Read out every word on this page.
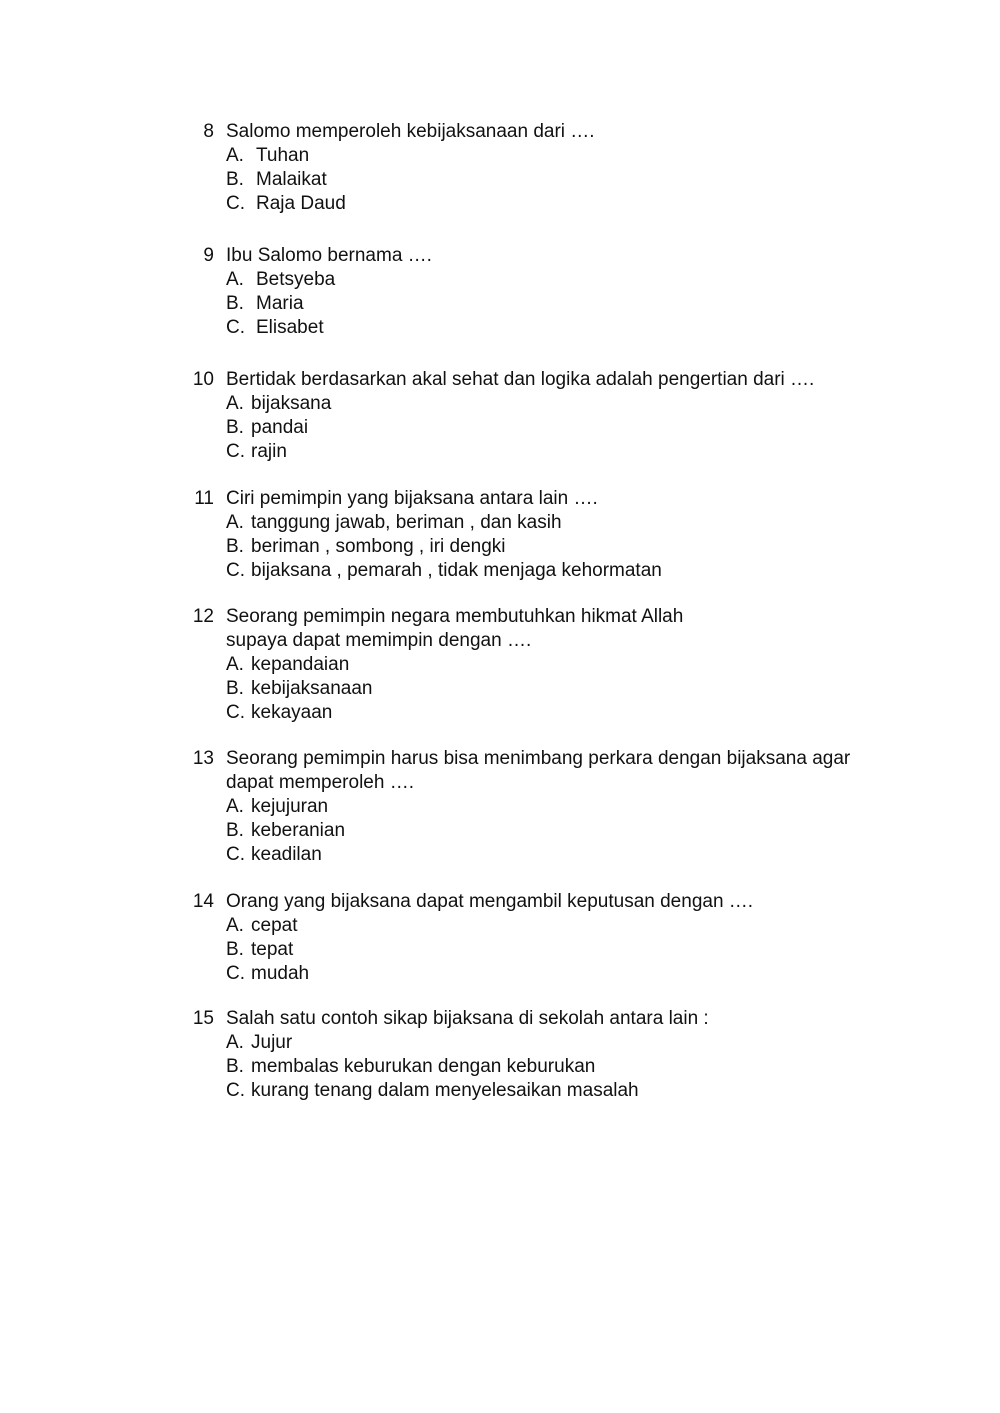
8 Salomo memperoleh kebijaksanaan dari ….
A. Tuhan
B. Malaikat
C. Raja Daud
9 Ibu Salomo bernama ….
A. Betsyeba
B. Maria
C. Elisabet
10 Bertidak berdasarkan akal sehat dan logika adalah pengertian dari ….
A. bijaksana
B. pandai
C. rajin
11 Ciri pemimpin yang bijaksana antara lain ….
A. tanggung jawab, beriman , dan kasih
B. beriman , sombong , iri dengki
C. bijaksana , pemarah , tidak menjaga kehormatan
12 Seorang pemimpin negara membutuhkan hikmat Allah
supaya dapat memimpin dengan ….
A. kepandaian
B. kebijaksanaan
C. kekayaan
13 Seorang pemimpin harus bisa menimbang perkara dengan bijaksana agar
dapat memperoleh ….
A. kejujuran
B. keberanian
C. keadilan
14 Orang yang bijaksana dapat mengambil keputusan dengan ….
A. cepat
B. tepat
C. mudah
15 Salah satu contoh sikap bijaksana di sekolah antara lain :
A. Jujur
B. membalas keburukan dengan keburukan
C. kurang tenang dalam menyelesaikan masalah
